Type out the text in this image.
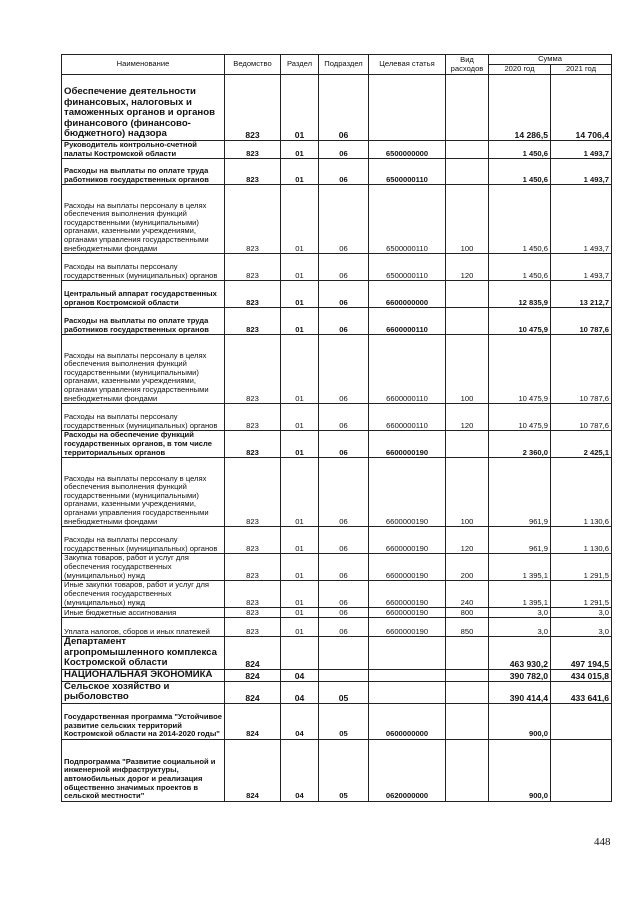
Наименование	Ведомство	Раздел	Подраздел	Целевая статья	Вид расходов	Сумма	
						2020 год	2021 год
Обеспечение деятельности финансовых, налоговых и таможенных органов и органов финансового (финансово-бюджетного) надзора	823	01	06			14 286,5	14 706,4
Руководитель контрольно-счетной палаты Костромской области	823	01	06	6500000000		1 450,6	1 493,7
Расходы на выплаты по оплате труда работников государственных органов	823	01	06	6500000110		1 450,6	1 493,7
Расходы на выплаты персоналу в целях обеспечения выполнения функций государственными (муниципальными) органами, казенными учреждениями, органами управления государственными внебюджетными фондами	823	01	06	6500000110	100	1 450,6	1 493,7
Расходы на выплаты персоналу государственных (муниципальных) органов	823	01	06	6500000110	120	1 450,6	1 493,7
Центральный аппарат государственных органов Костромской области	823	01	06	6600000000		12 835,9	13 212,7
Расходы на выплаты по оплате труда работников государственных органов	823	01	06	6600000110		10 475,9	10 787,6
Расходы на выплаты персоналу в целях обеспечения выполнения функций государственными (муниципальными) органами, казенными учреждениями, органами управления государственными внебюджетными фондами	823	01	06	6600000110	100	10 475,9	10 787,6
Расходы на выплаты персоналу государственных (муниципальных) органов	823	01	06	6600000110	120	10 475,9	10 787,6
Расходы на обеспечение функций государственных органов, в том числе территориальных органов	823	01	06	6600000190		2 360,0	2 425,1
Расходы на выплаты персоналу в целях обеспечения выполнения функций государственными (муниципальными) органами, казенными учреждениями, органами управления государственными внебюджетными фондами	823	01	06	6600000190	100	961,9	1 130,6
Расходы на выплаты персоналу государственных (муниципальных) органов	823	01	06	6600000190	120	961,9	1 130,6
Закупка товаров, работ и услуг для обеспечения государственных (муниципальных) нужд	823	01	06	6600000190	200	1 395,1	1 291,5
Иные закупки товаров, работ и услуг для обеспечения государственных (муниципальных) нужд	823	01	06	6600000190	240	1 395,1	1 291,5
Иные бюджетные ассигнования	823	01	06	6600000190	800	3,0	3,0
Уплата налогов, сборов и иных платежей	823	01	06	6600000190	850	3,0	3,0
Департамент агропромышленного комплекса Костромской области	824					463 930,2	497 194,5
НАЦИОНАЛЬНАЯ ЭКОНОМИКА	824	04				390 782,0	434 015,8
Сельское хозяйство и рыболовство	824	04	05			390 414,4	433 641,6
Государственная программа "Устойчивое развитие сельских территорий Костромской области на 2014-2020 годы"	824	04	05	0600000000		900,0	
Подпрограмма "Развитие социальной и инженерной инфраструктуры, автомобильных дорог и реализация общественно значимых проектов в сельской местности"	824	04	05	0620000000		900,0	
448
